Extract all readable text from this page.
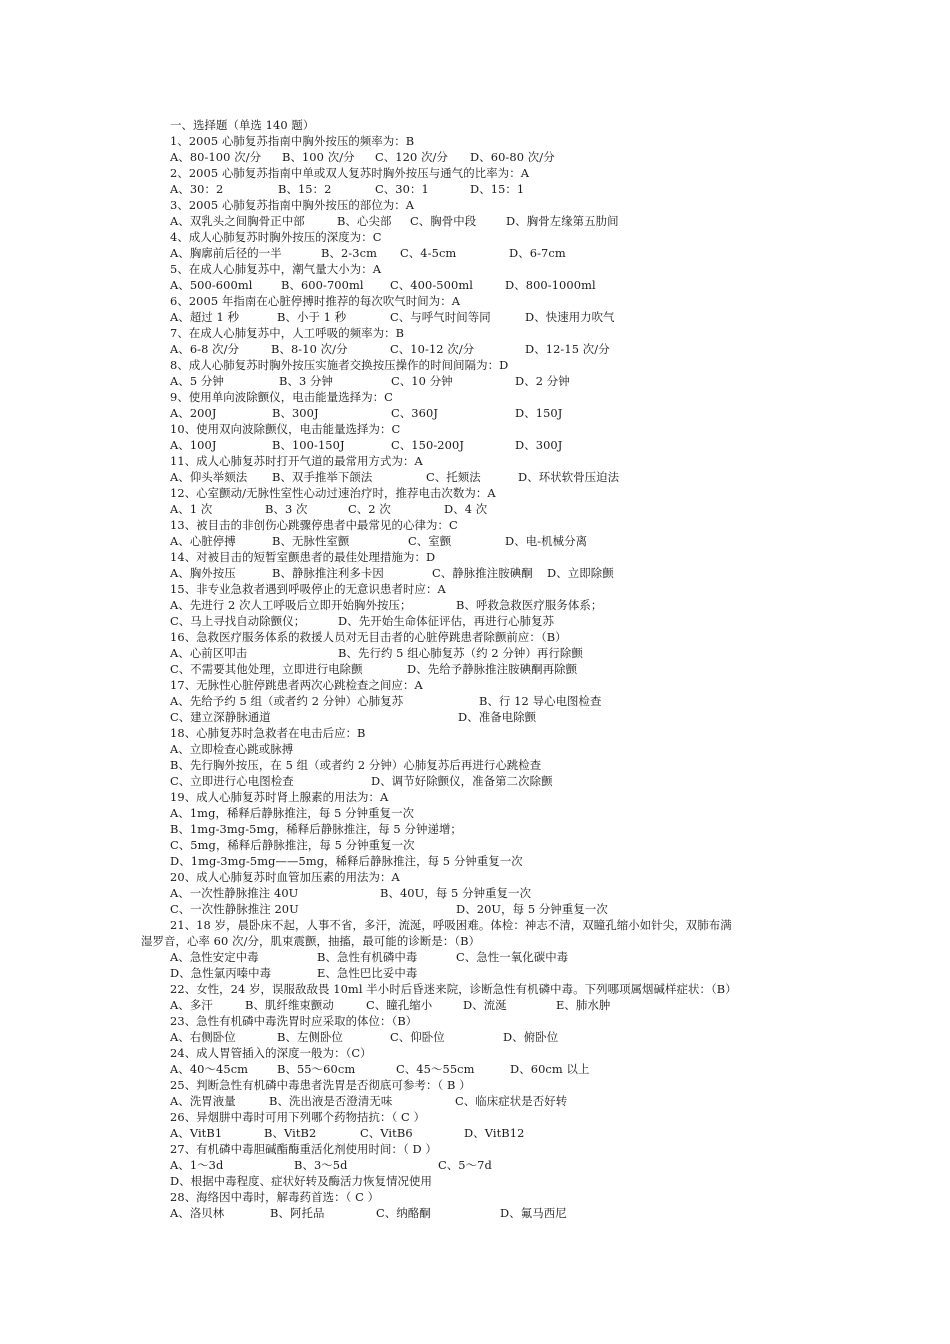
一、选择题（单选 140 题）
1、2005 心肺复苏指南中胸外按压的频率为：B
A、80-100 次/分 B、100 次/分 C、120 次/分 D、60-80 次/分
2、2005 心肺复苏指南中单或双人复苏时胸外按压与通气的比率为：A
A、30：2	B、15：2	C、30：1	D、15：1
3、2005 心肺复苏指南中胸外按压的部位为：A
A、双乳头之间胸骨正中部	B、心尖部 C、胸骨中段	D、胸骨左缘第五肋间
4、成人心肺复苏时胸外按压的深度为：C
A、胸廓前后径的一半	B、2-3cm C、4-5cm	D、6-7cm
5、在成人心肺复苏中，潮气量大小为：A
A、500-600ml	B、600-700ml C、400-500ml	D、800-1000ml
6、2005 年指南在心脏停搏时推荐的每次吹气时间为：A
A、超过 1 秒	B、小于 1 秒	C、与呼气时间等同	D、快速用力吹气
7、在成人心肺复苏中，人工呼吸的频率为：B
A、6-8 次/分	B、8-10 次/分	C、10-12 次/分	D、12-15 次/分
8、成人心肺复苏时胸外按压实施者交换按压操作的时间间隔为：D
A、5 分钟	B、3 分钟	C、10 分钟	D、2 分钟
9、使用单向波除颤仪，电击能量选择为：C
A、200J	B、300J	C、360J	D、150J
10、使用双向波除颤仪，电击能量选择为：C
A、100J	B、100-150J	C、150-200J	D、300J
11、成人心肺复苏时打开气道的最常用方式为：A
A、仰头举颏法 B、双手推举下颌法	C、托颏法	D、环状软骨压迫法
12、心室颤动/无脉性室性心动过速治疗时，推荐电击次数为：A
A、1 次	B、3 次	C、2 次	D、4 次
13、被目击的非创伤心跳骤停患者中最常见的心律为：C
A、心脏停搏	B、无脉性室颤	C、室颤	D、电-机械分离
14、对被目击的短暂室颤患者的最佳处理措施为：D
A、胸外按压	B、静脉推注利多卡因	C、静脉推注胺碘酮 D、立即除颤
15、非专业急救者遇到呼吸停止的无意识患者时应：A
A、先进行 2 次人工呼吸后立即开始胸外按压；	B、呼救急救医疗服务体系；
C、马上寻找自动除颤仪；	D、先开始生命体征评估，再进行心肺复苏
16、急救医疗服务体系的救援人员对无目击者的心脏停跳患者除颤前应：（B）
A、心前区叩击	B、先行约 5 组心肺复苏（约 2 分钟）再行除颤
C、不需要其他处理，立即进行电除颤	D、先给予静脉推注胺碘酮再除颤
17、无脉性心脏停跳患者两次心跳检查之间应：A
A、先给予约 5 组（或者约 2 分钟）心肺复苏	B、行 12 导心电图检查
C、建立深静脉通道	D、准备电除颤
18、心肺复苏时急救者在电击后应：B
A、立即检查心跳或脉搏
B、先行胸外按压，在 5 组（或者约 2 分钟）心肺复苏后再进行心跳检查
C、立即进行心电图检查	D、调节好除颤仪，准备第二次除颤
19、成人心肺复苏时肾上腺素的用法为：A
A、1mg，稀释后静脉推注，每 5 分钟重复一次
B、1mg-3mg-5mg，稀释后静脉推注，每 5 分钟递增；
C、5mg，稀释后静脉推注，每 5 分钟重复一次
D、1mg-3mg-5mg——5mg，稀释后静脉推注，每 5 分钟重复一次
20、成人心肺复苏时血管加压素的用法为：A
A、一次性静脉推注 40U	B、40U，每 5 分钟重复一次
C、一次性静脉推注 20U	D、20U，每 5 分钟重复一次
21、18 岁，晨卧床不起，人事不省，多汗，流涎，呼吸困难。体检：神志不清，双瞳孔缩小如针尖，双肺布满
湿罗音，心率 60 次/分，肌束震颤，抽搐，最可能的诊断是：（B）
A、急性安定中毒	B、急性有机磷中毒	C、急性一氧化碳中毒
D、急性氯丙嗪中毒	E、急性巴比妥中毒
22、女性，24 岁，误服敌敌畏 10ml 半小时后昏迷来院，诊断急性有机磷中毒。下列哪项属烟碱样症状：（B）
A、多汗	B、肌纤维束颤动	C、瞳孔缩小	D、流涎	E、肺水肿
23、急性有机磷中毒洗胃时应采取的体位：（B）
A、右侧卧位	B、左侧卧位	C、仰卧位	D、俯卧位
24、成人胃管插入的深度一般为：（C）
A、40～45cm	B、55～60cm	C、45～55cm	D、60cm 以上
25、判断急性有机磷中毒患者洗胃是否彻底可参考：（ B ）
A、洗胃液量	B、洗出液是否澄清无味	C、临床症状是否好转
26、异烟肼中毒时可用下列哪个药物拮抗：（ C ）
A、VitB1	B、VitB2	C、VitB6	D、VitB12
27、有机磷中毒胆碱酯酶重活化剂使用时间：（ D ）
A、1～3d	B、3～5d	C、5～7d
D、根据中毒程度、症状好转及酶活力恢复情况使用
28、海络因中毒时，解毒药首选：（ C ）
A、洛贝林	B、阿托品	C、纳酪酮	D、氟马西尼
